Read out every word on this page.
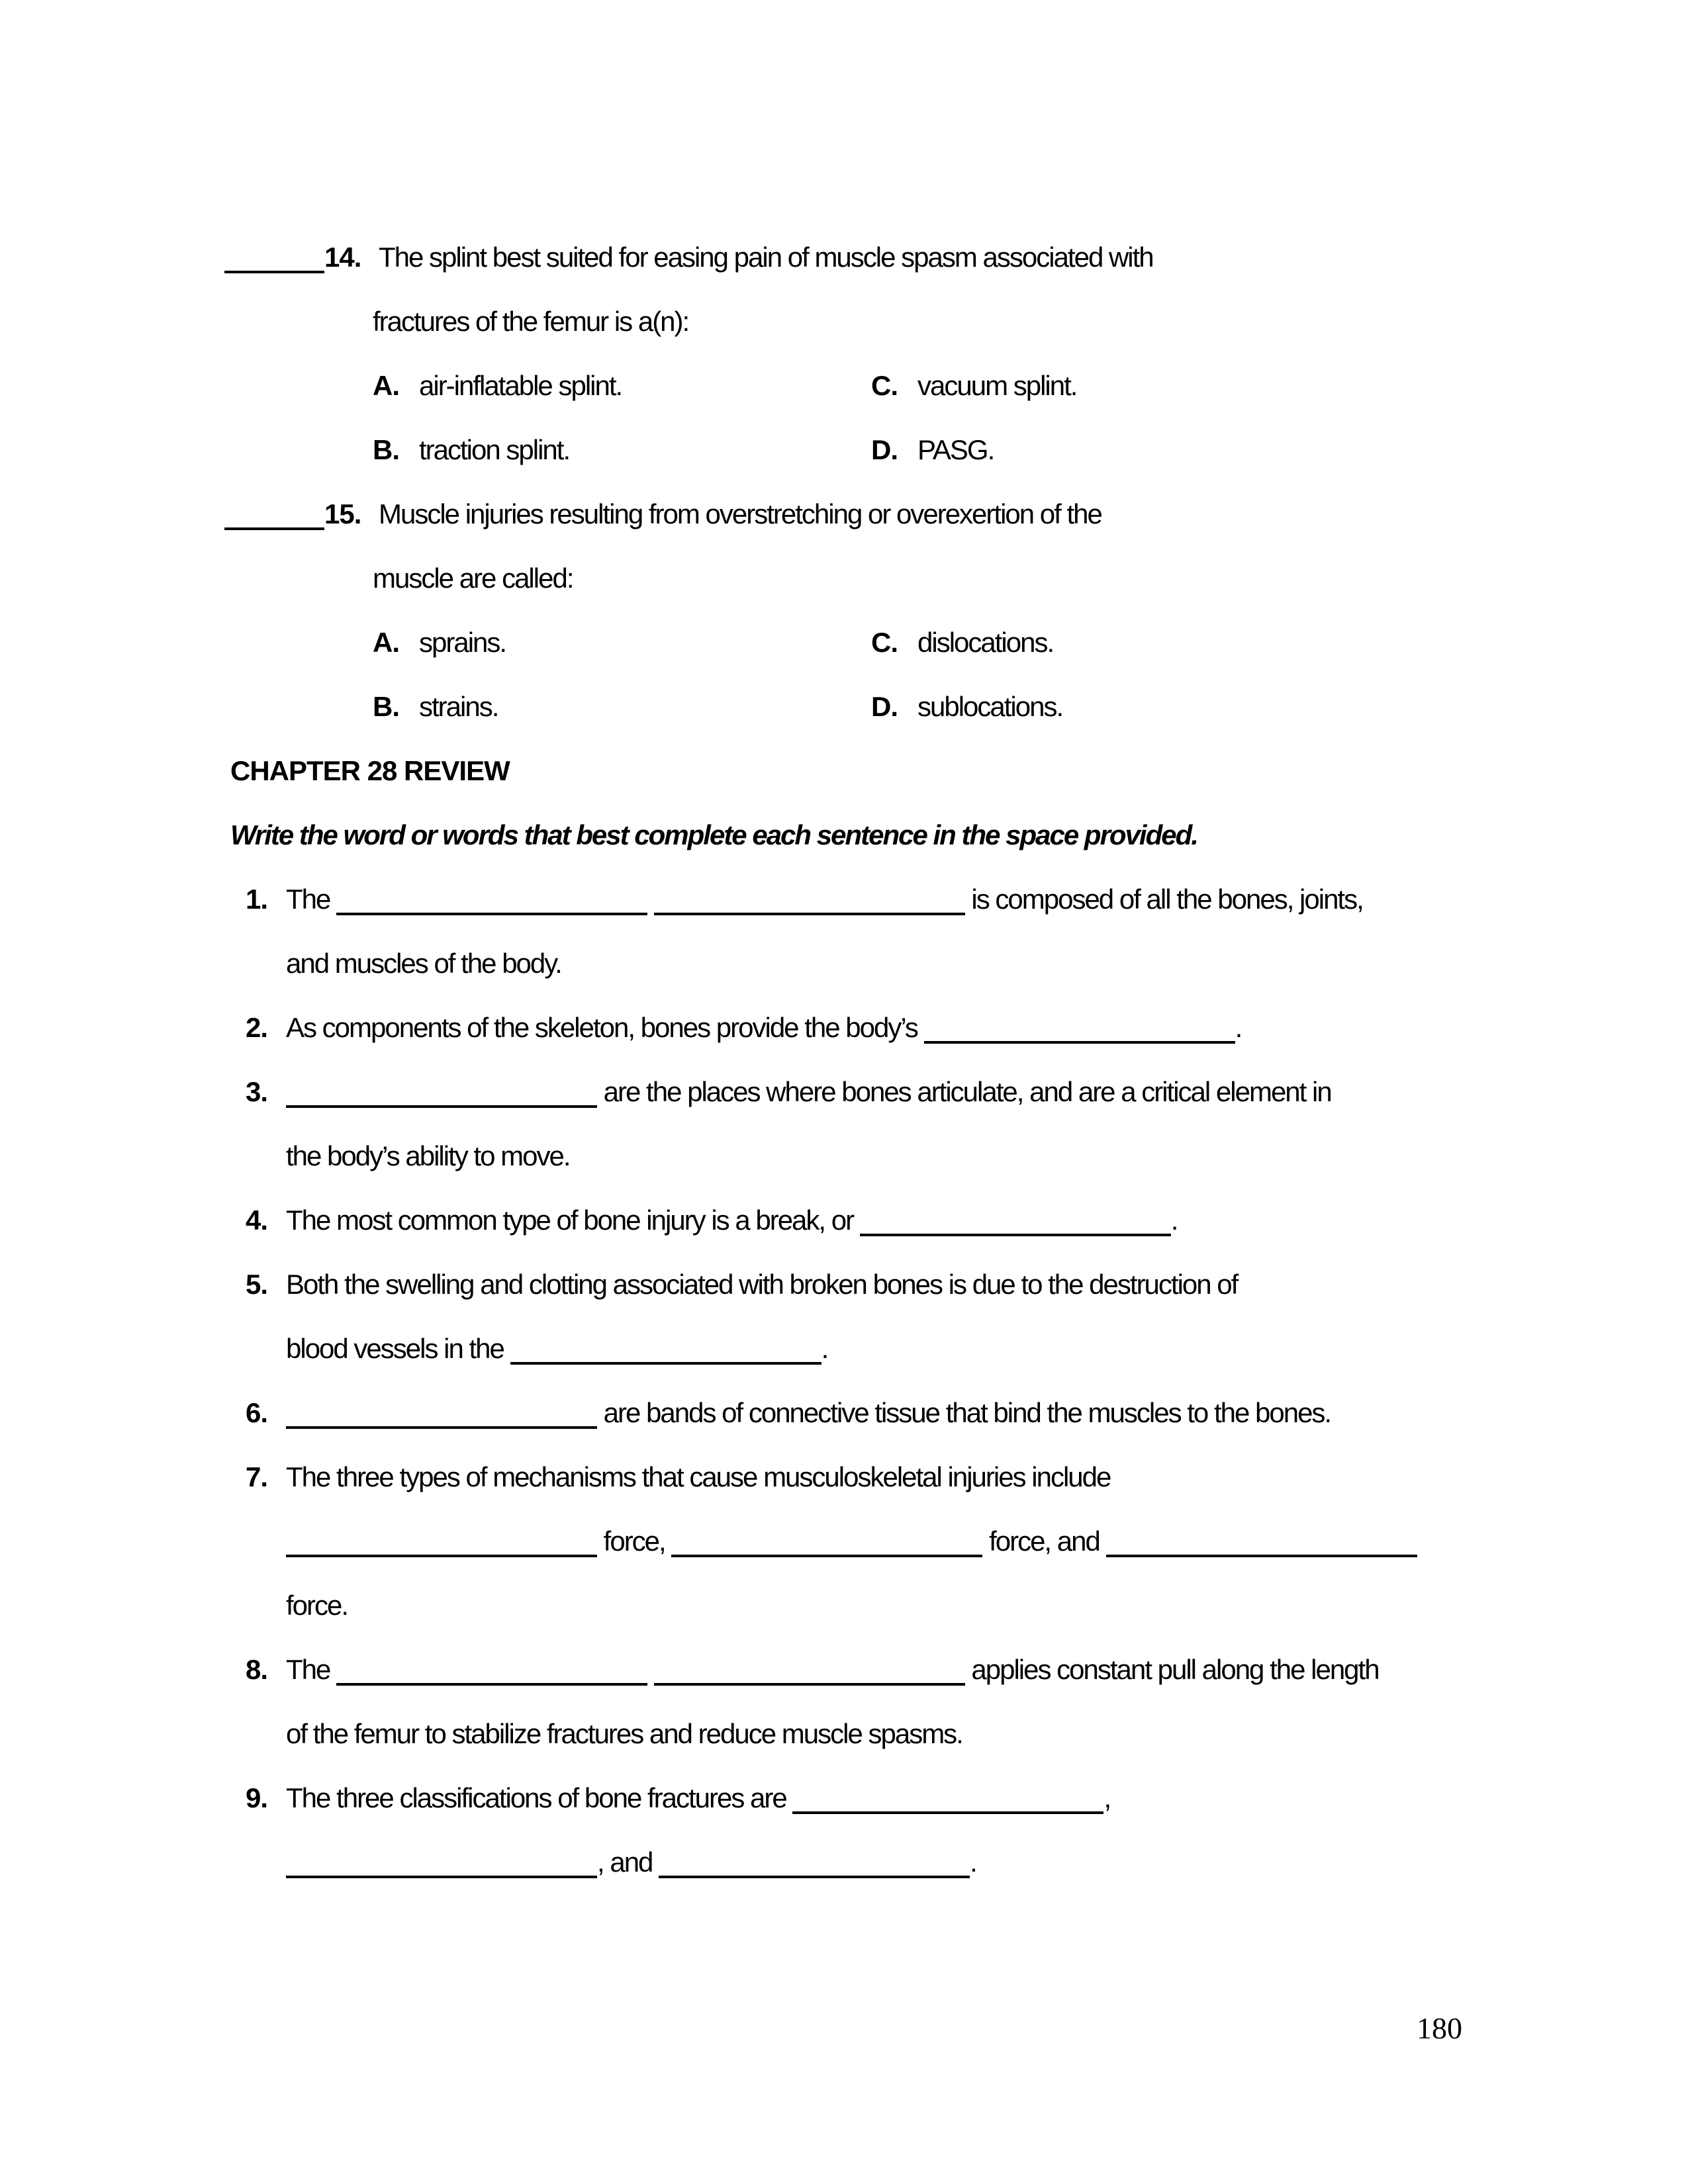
14. The splint best suited for easing pain of muscle spasm associated with
fractures of the femur is a(n):
A. air-inflatable splint.	C. vacuum splint.
B. traction splint.	D. PASG.
15. Muscle injuries resulting from overstretching or overexertion of the
muscle are called:
A. sprains.	C. dislocations.
B. strains.	D. sublocations.
CHAPTER 28 REVIEW
Write the word or words that best complete each sentence in the space provided.
1. The	is composed of all the bones, joints,
and muscles of the body.
2. As components of the skeleton, bones provide the body’s	.
3.	are the places where bones articulate, and are a critical element in
the body’s ability to move.
4. The most common type of bone injury is a break, or	.
5. Both the swelling and clotting associated with broken bones is due to the destruction of
blood vessels in the	.
6.	are bands of connective tissue that bind the muscles to the bones.
7. The three types of mechanisms that cause musculoskeletal injuries include
force,	force, and
force.
8. The	applies constant pull along the length
of the femur to stabilize fractures and reduce muscle spasms.
9. The three classifications of bone fractures are	,
, and	.
180
